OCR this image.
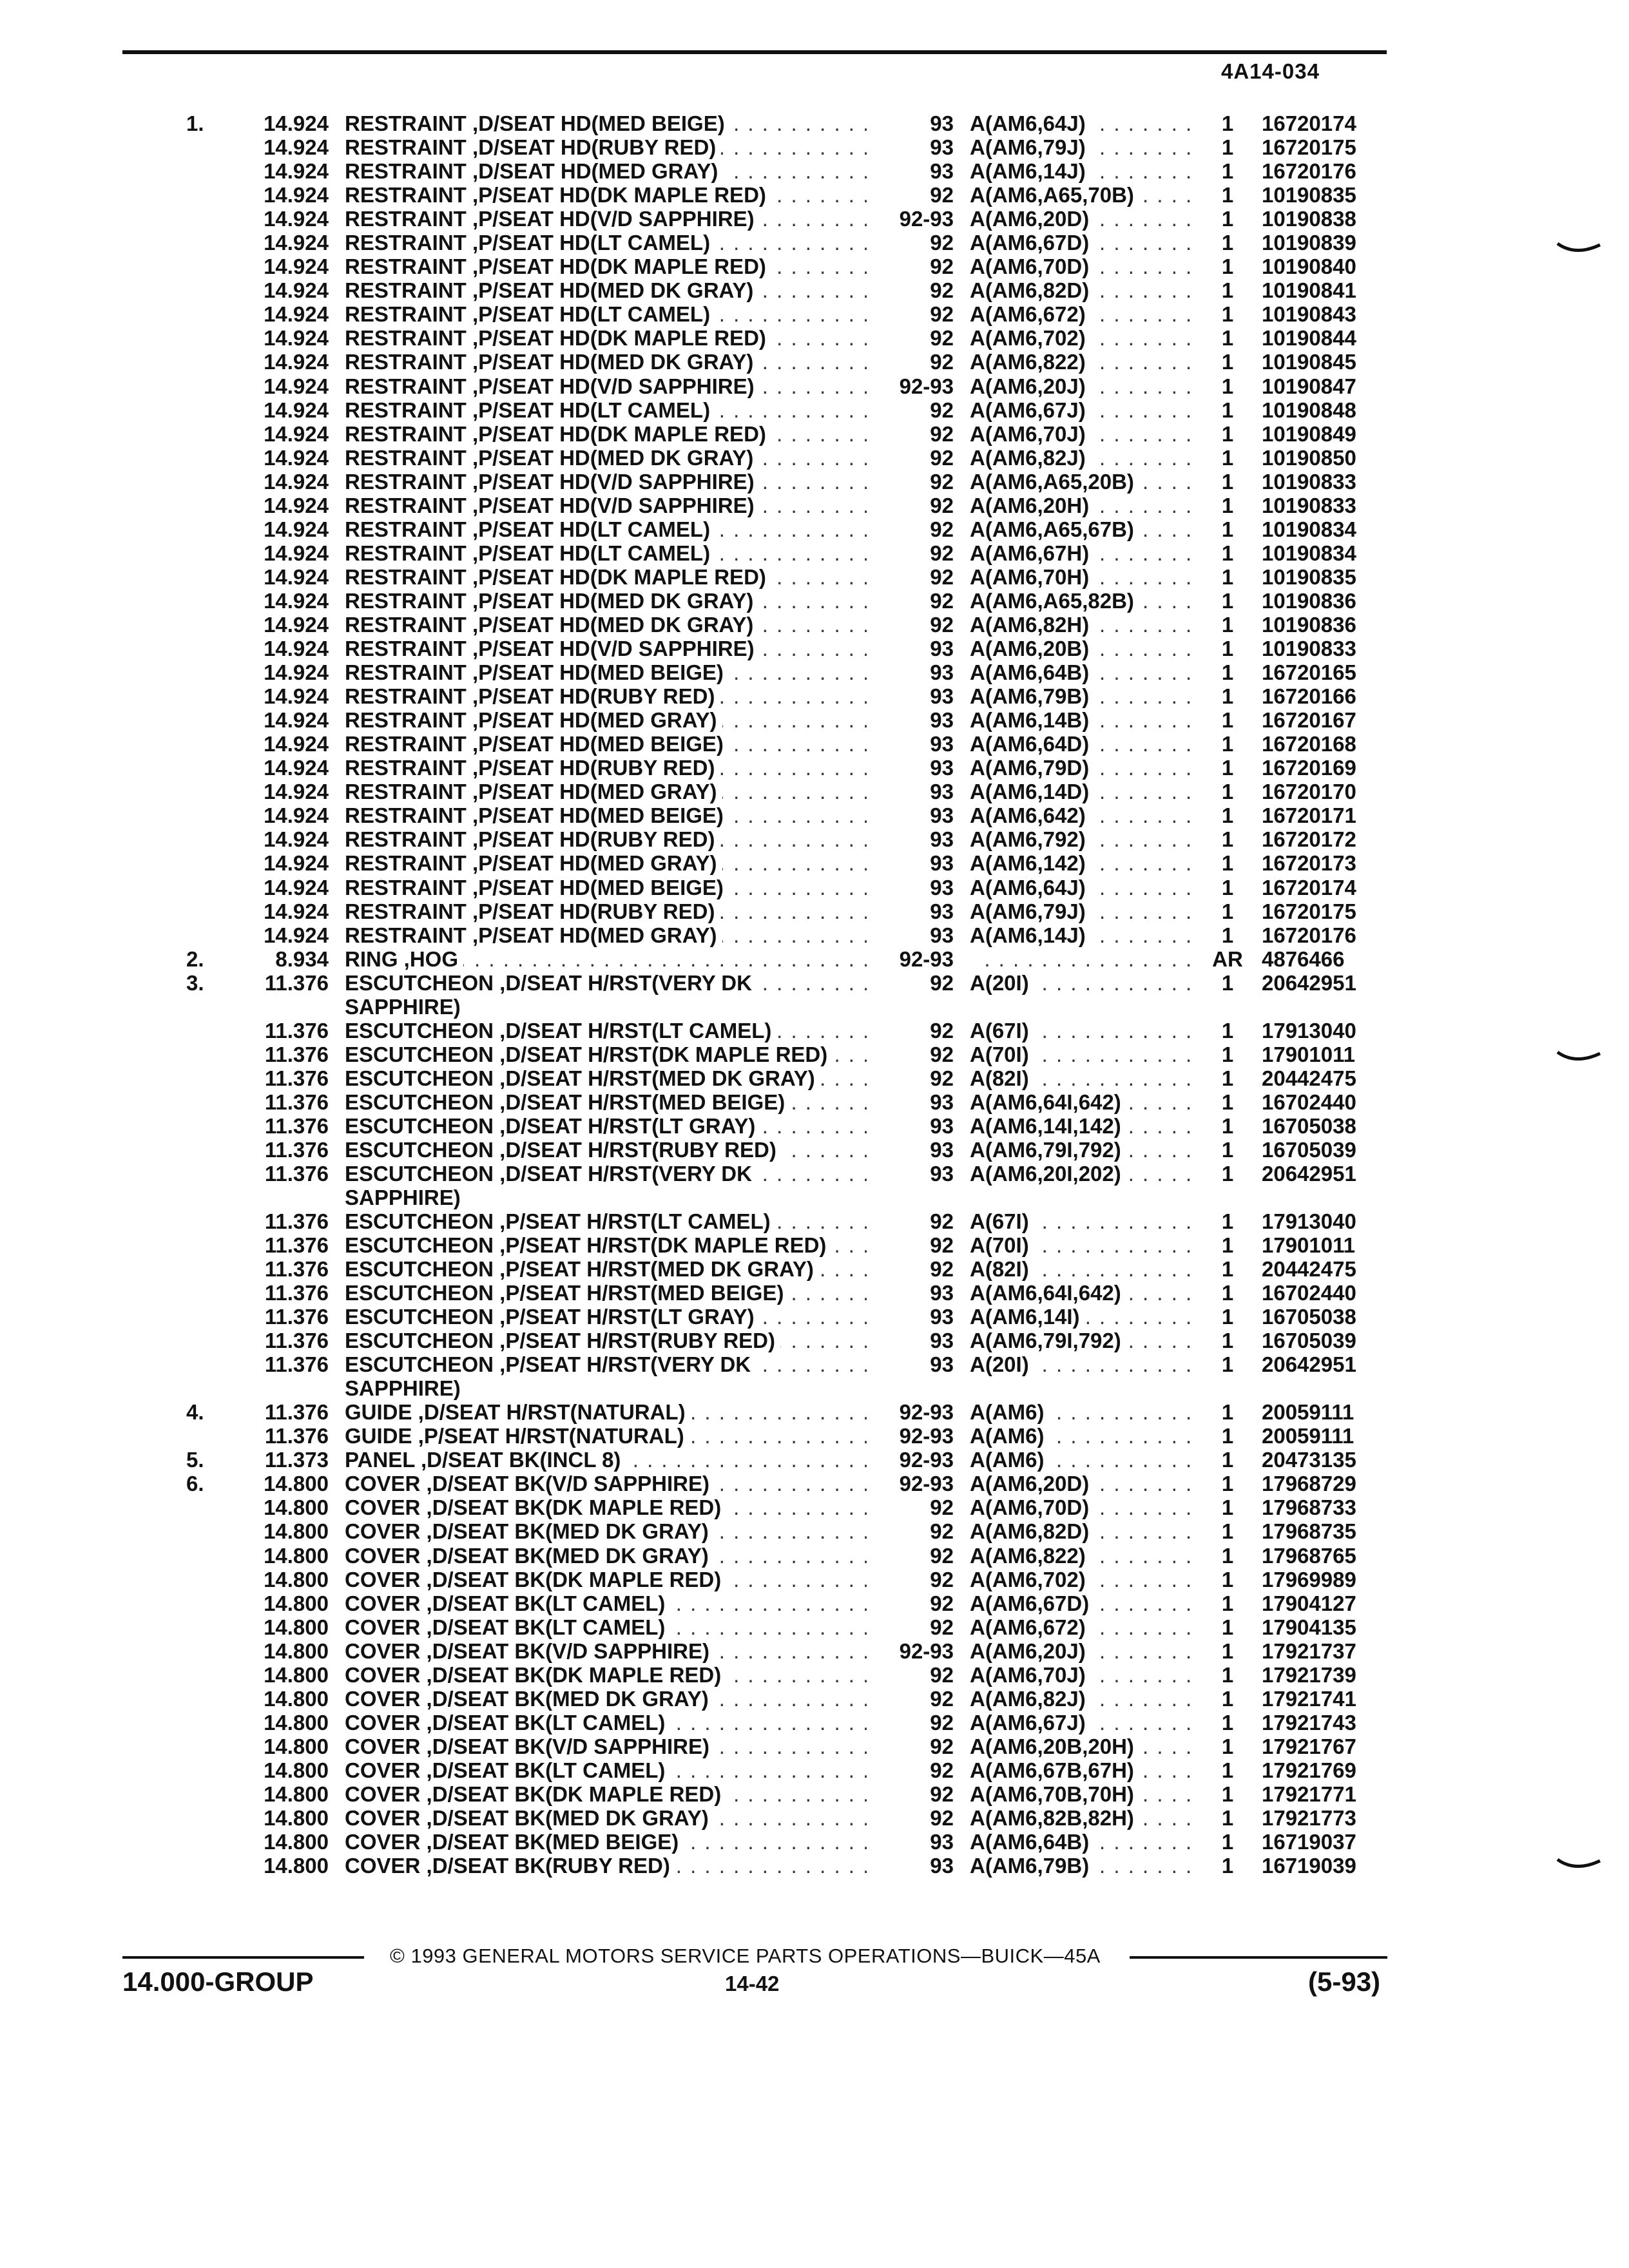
4A14-034
1.	14.924 RESTRAINT ,D/SEAT HD(MED BEIGE) . . .	93 A(AM6,64J) . . .	1	16720174
14.924 RESTRAINT ,D/SEAT HD(RUBY RED) . . .	93 A(AM6,79J) . . .	1	16720175
14.924 RESTRAINT ,D/SEAT HD(MED GRAY) . . .	93 A(AM6,14J) . . .	1	16720176
14.924 RESTRAINT ,P/SEAT HD(DK MAPLE RED) . . .	92 A(AM6,A65,70B) . . .	1	10190835
14.924 RESTRAINT ,P/SEAT HD(V/D SAPPHIRE) . . .	92-93 A(AM6,20D) . . .	1	10190838
14.924 RESTRAINT ,P/SEAT HD(LT CAMEL) . . .	92 A(AM6,67D) . . .	1	10190839
14.924 RESTRAINT ,P/SEAT HD(DK MAPLE RED) . . .	92 A(AM6,70D) . . .	1	10190840
14.924 RESTRAINT ,P/SEAT HD(MED DK GRAY) . . .	92 A(AM6,82D) . . .	1	10190841
14.924 RESTRAINT ,P/SEAT HD(LT CAMEL) . . .	92 A(AM6,672) . . .	1	10190843
14.924 RESTRAINT ,P/SEAT HD(DK MAPLE RED) . . .	92 A(AM6,702) . . .	1	10190844
14.924 RESTRAINT ,P/SEAT HD(MED DK GRAY) . . .	92 A(AM6,822) . . .	1	10190845
14.924 RESTRAINT ,P/SEAT HD(V/D SAPPHIRE) . . .	92-93 A(AM6,20J) . . .	1	10190847
14.924 RESTRAINT ,P/SEAT HD(LT CAMEL) . . .	92 A(AM6,67J) . . .	1	10190848
14.924 RESTRAINT ,P/SEAT HD(DK MAPLE RED) . . .	92 A(AM6,70J) . . .	1	10190849
14.924 RESTRAINT ,P/SEAT HD(MED DK GRAY) . . .	92 A(AM6,82J) . . .	1	10190850
14.924 RESTRAINT ,P/SEAT HD(V/D SAPPHIRE) . . .	92 A(AM6,A65,20B) . . .	1	10190833
14.924 RESTRAINT ,P/SEAT HD(V/D SAPPHIRE) . . .	92 A(AM6,20H) . . .	1	10190833
14.924 RESTRAINT ,P/SEAT HD(LT CAMEL) . . .	92 A(AM6,A65,67B) . . .	1	10190834
14.924 RESTRAINT ,P/SEAT HD(LT CAMEL) . . .	92 A(AM6,67H) . . .	1	10190834
14.924 RESTRAINT ,P/SEAT HD(DK MAPLE RED) . . .	92 A(AM6,70H) . . .	1	10190835
14.924 RESTRAINT ,P/SEAT HD(MED DK GRAY) . . .	92 A(AM6,A65,82B) . . .	1	10190836
14.924 RESTRAINT ,P/SEAT HD(MED DK GRAY) . . .	92 A(AM6,82H) . . .	1	10190836
14.924 RESTRAINT ,P/SEAT HD(V/D SAPPHIRE) . . .	93 A(AM6,20B) . . .	1	10190833
14.924 RESTRAINT ,P/SEAT HD(MED BEIGE) . . .	93 A(AM6,64B) . . .	1	16720165
14.924 RESTRAINT ,P/SEAT HD(RUBY RED) . . .	93 A(AM6,79B) . . .	1	16720166
14.924 RESTRAINT ,P/SEAT HD(MED GRAY) . . .	93 A(AM6,14B) . . .	1	16720167
14.924 RESTRAINT ,P/SEAT HD(MED BEIGE) . . .	93 A(AM6,64D) . . .	1	16720168
14.924 RESTRAINT ,P/SEAT HD(RUBY RED) . . .	93 A(AM6,79D) . . .	1	16720169
14.924 RESTRAINT ,P/SEAT HD(MED GRAY) . . .	93 A(AM6,14D) . . .	1	16720170
14.924 RESTRAINT ,P/SEAT HD(MED BEIGE) . . .	93 A(AM6,642) . . .	1	16720171
14.924 RESTRAINT ,P/SEAT HD(RUBY RED) . . .	93 A(AM6,792) . . .	1	16720172
14.924 RESTRAINT ,P/SEAT HD(MED GRAY) . . .	93 A(AM6,142) . . .	1	16720173
14.924 RESTRAINT ,P/SEAT HD(MED BEIGE) . . .	93 A(AM6,64J) . . .	1	16720174
14.924 RESTRAINT ,P/SEAT HD(RUBY RED) . . .	93 A(AM6,79J) . . .	1	16720175
14.924 RESTRAINT ,P/SEAT HD(MED GRAY) . . .	93 A(AM6,14J) . . .	1	16720176
2.	8.934 RING ,HOG . . .	92-93
. . .	AR 4876466
3.	11.376 ESCUTCHEON ,D/SEAT H/RST(VERY DK
SAPPHIRE)
. . .
92 A(20I) . . .	1	20642951
11.376 ESCUTCHEON ,D/SEAT H/RST(LT CAMEL) . . .	92 A(67I) . . .	1	17913040
11.376 ESCUTCHEON ,D/SEAT H/RST(DK MAPLE RED) . . .	92 A(70I) . . .	1	17901011
11.376 ESCUTCHEON ,D/SEAT H/RST(MED DK GRAY) . . .	92 A(82I) . . .	1	20442475
11.376 ESCUTCHEON ,D/SEAT H/RST(MED BEIGE) . . .	93 A(AM6,64I,642) . . .	1	16702440
11.376 ESCUTCHEON ,D/SEAT H/RST(LT GRAY) . . .	93 A(AM6,14I,142) . . .	1	16705038
11.376 ESCUTCHEON ,D/SEAT H/RST(RUBY RED) . . .	93 A(AM6,79I,792) . . .	1	16705039
11.376 ESCUTCHEON ,D/SEAT H/RST(VERY DK
SAPPHIRE)
. . .
93 A(AM6,20I,202) . . .	1	20642951
11.376 ESCUTCHEON ,P/SEAT H/RST(LT CAMEL) . . .	92 A(67I) . . .	1	17913040
11.376 ESCUTCHEON ,P/SEAT H/RST(DK MAPLE RED) . . .	92 A(70I) . . .	1	17901011
11.376 ESCUTCHEON ,P/SEAT H/RST(MED DK GRAY) . . .	92 A(82I) . . .	1	20442475
11.376 ESCUTCHEON ,P/SEAT H/RST(MED BEIGE) . . .	93 A(AM6,64I,642) . . .	1	16702440
11.376 ESCUTCHEON ,P/SEAT H/RST(LT GRAY) . . .	93 A(AM6,14I) . . .	1	16705038
11.376 ESCUTCHEON ,P/SEAT H/RST(RUBY RED) . . .	93 A(AM6,79I,792) . . .	1	16705039
11.376 ESCUTCHEON ,P/SEAT H/RST(VERY DK
SAPPHIRE)
. . .
93 A(20I) . . .	1	20642951
4.	11.376 GUIDE ,D/SEAT H/RST(NATURAL) . . .	92-93 A(AM6) . . .	1	20059111
11.376 GUIDE ,P/SEAT H/RST(NATURAL) . . .	92-93 A(AM6) . . .	1	20059111
5.	11.373 PANEL ,D/SEAT BK(INCL 8) . . .	92-93 A(AM6) . . .	1	20473135
6.	14.800 COVER ,D/SEAT BK(V/D SAPPHIRE) . . .	92-93 A(AM6,20D) . . .	1	17968729
14.800 COVER ,D/SEAT BK(DK MAPLE RED) . . .	92 A(AM6,70D) . . .	1	17968733
14.800 COVER ,D/SEAT BK(MED DK GRAY) . . .	92 A(AM6,82D) . . .	1	17968735
14.800 COVER ,D/SEAT BK(MED DK GRAY) . . .	92 A(AM6,822) . . .	1	17968765
14.800 COVER ,D/SEAT BK(DK MAPLE RED) . . .	92 A(AM6,702) . . .	1	17969989
14.800 COVER ,D/SEAT BK(LT CAMEL) . . .	92 A(AM6,67D) . . .	1	17904127
14.800 COVER ,D/SEAT BK(LT CAMEL) . . .	92 A(AM6,672) . . .	1	17904135
14.800 COVER ,D/SEAT BK(V/D SAPPHIRE) . . .	92-93 A(AM6,20J) . . .	1	17921737
14.800 COVER ,D/SEAT BK(DK MAPLE RED) . . .	92 A(AM6,70J) . . .	1	17921739
14.800 COVER ,D/SEAT BK(MED DK GRAY) . . .	92 A(AM6,82J) . . .	1	17921741
14.800 COVER ,D/SEAT BK(LT CAMEL) . . .	92 A(AM6,67J) . . .	1	17921743
14.800 COVER ,D/SEAT BK(V/D SAPPHIRE) . . .	92 A(AM6,20B,20H) . . .	1	17921767
14.800 COVER ,D/SEAT BK(LT CAMEL) . . .	92 A(AM6,67B,67H) . . .	1	17921769
14.800 COVER ,D/SEAT BK(DK MAPLE RED) . . .	92 A(AM6,70B,70H) . . .	1	17921771
14.800 COVER ,D/SEAT BK(MED DK GRAY) . . .	92 A(AM6,82B,82H) . . .	1	17921773
14.800 COVER ,D/SEAT BK(MED BEIGE) . . .	93 A(AM6,64B) . . .	1	16719037
14.800 COVER ,D/SEAT BK(RUBY RED) . . .	93 A(AM6,79B) . . .	1	16719039
© 1993 GENERAL MOTORS SERVICE PARTS OPERATIONS—BUICK—45A
14.000-GROUP	14-42	(5-93)
